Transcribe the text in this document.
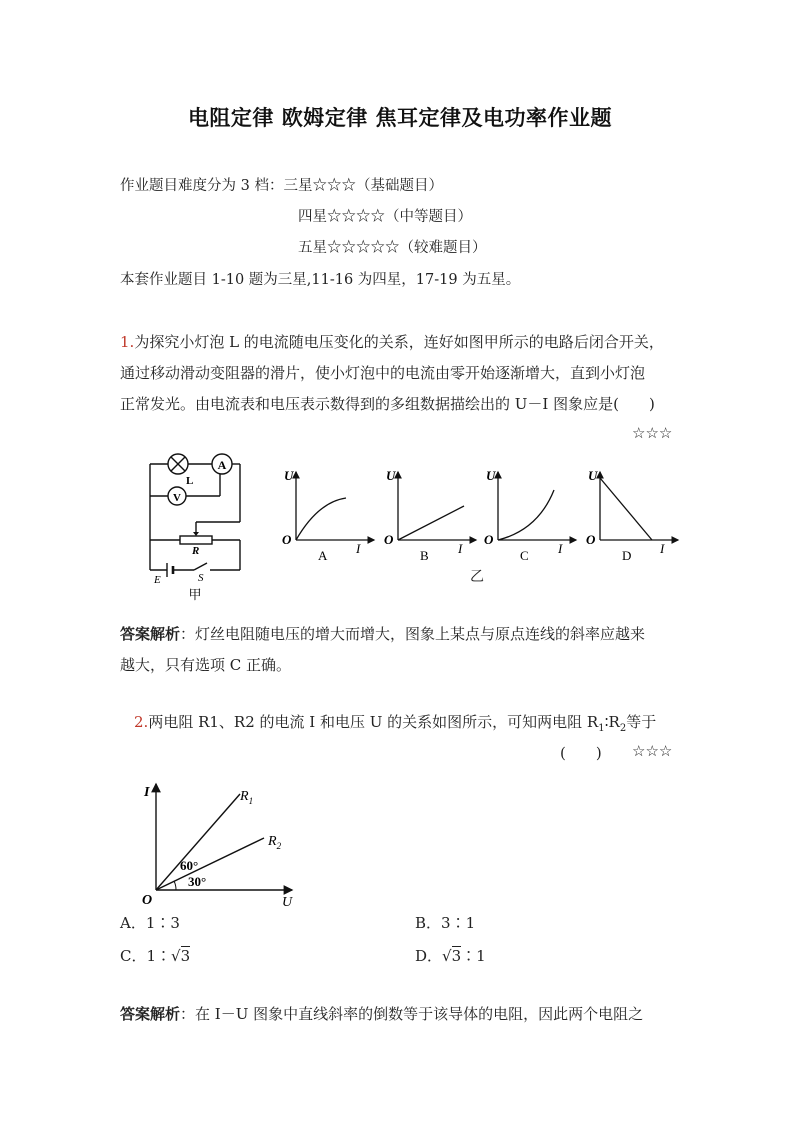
电阻定律 欧姆定律 焦耳定律及电功率作业题
作业题目难度分为 3 档：三星☆☆☆（基础题目）
四星☆☆☆☆（中等题目）
五星☆☆☆☆☆（较难题目）
本套作业题目 1-10 题为三星,11-16 为四星，17-19 为五星。
1.为探究小灯泡 L 的电流随电压变化的关系，连好如图甲所示的电路后闭合开关，
通过移动滑动变阻器的滑片，使小灯泡中的电流由零开始逐渐增大，直到小灯泡
正常发光。由电流表和电压表示数得到的多组数据描绘出的 U－I 图象应是(　　)
☆☆☆
A
V
L
R
E	S
甲
U
O
I
A
U
O
I
B
U
O
I
C
U
O
I
D
乙
答案解析：灯丝电阻随电压的增大而增大，图象上某点与原点连线的斜率应越来
越大，只有选项 C 正确。
2.两电阻 R1、R2 的电流 I 和电压 U 的关系如图所示，可知两电阻 $R_1∶R_2$等于
(　　) ☆☆☆
I
U
O
$R_1$
$R_2$
60°
30°
A．1∶3	B．3∶1
C．1∶√3	D．√3∶1
答案解析：在 I－U 图象中直线斜率的倒数等于该导体的电阻，因此两个电阻之
